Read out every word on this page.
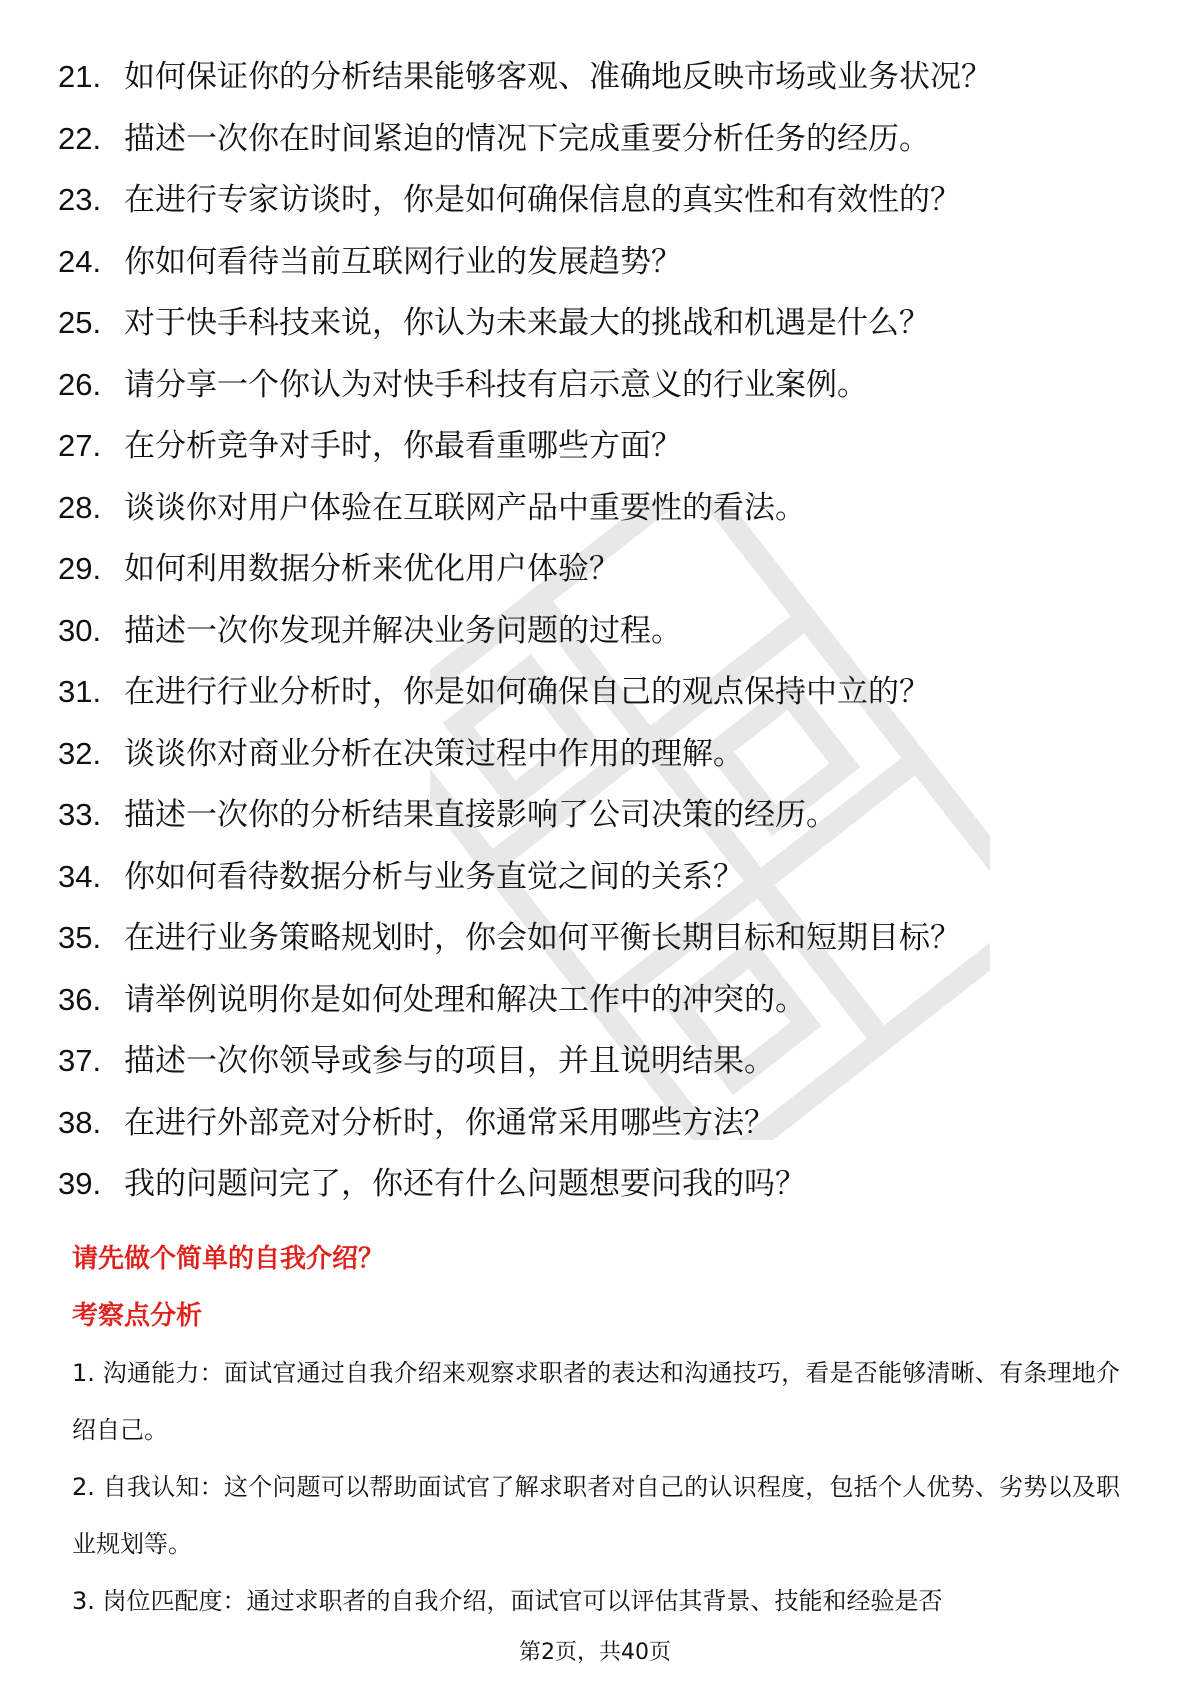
21. 如何保证你的分析结果能够客观、准确地反映市场或业务状况？
22. 描述一次你在时间紧迫的情况下完成重要分析任务的经历。
23. 在进行专家访谈时，你是如何确保信息的真实性和有效性的？
24. 你如何看待当前互联网行业的发展趋势？
25. 对于快手科技来说，你认为未来最大的挑战和机遇是什么？
26. 请分享一个你认为对快手科技有启示意义的行业案例。
27. 在分析竞争对手时，你最看重哪些方面？
28. 谈谈你对用户体验在互联网产品中重要性的看法。
29. 如何利用数据分析来优化用户体验？
30. 描述一次你发现并解决业务问题的过程。
31. 在进行行业分析时，你是如何确保自己的观点保持中立的？
32. 谈谈你对商业分析在决策过程中作用的理解。
33. 描述一次你的分析结果直接影响了公司决策的经历。
34. 你如何看待数据分析与业务直觉之间的关系？
35. 在进行业务策略规划时，你会如何平衡长期目标和短期目标？
36. 请举例说明你是如何处理和解决工作中的冲突的。
37. 描述一次你领导或参与的项目，并且说明结果。
38. 在进行外部竞对分析时，你通常采用哪些方法？
39. 我的问题问完了，你还有什么问题想要问我的吗？
请先做个简单的自我介绍？
考察点分析

1. 沟通能力：面试官通过自我介绍来观察求职者的表达和沟通技巧，看是否能够清晰、有条理地介绍自己。

2. 自我认知：这个问题可以帮助面试官了解求职者对自己的认识程度，包括个人优势、劣势以及职业规划等。

3. 岗位匹配度：通过求职者的自我介绍，面试官可以评估其背景、技能和经验是否

第2页，共40页
